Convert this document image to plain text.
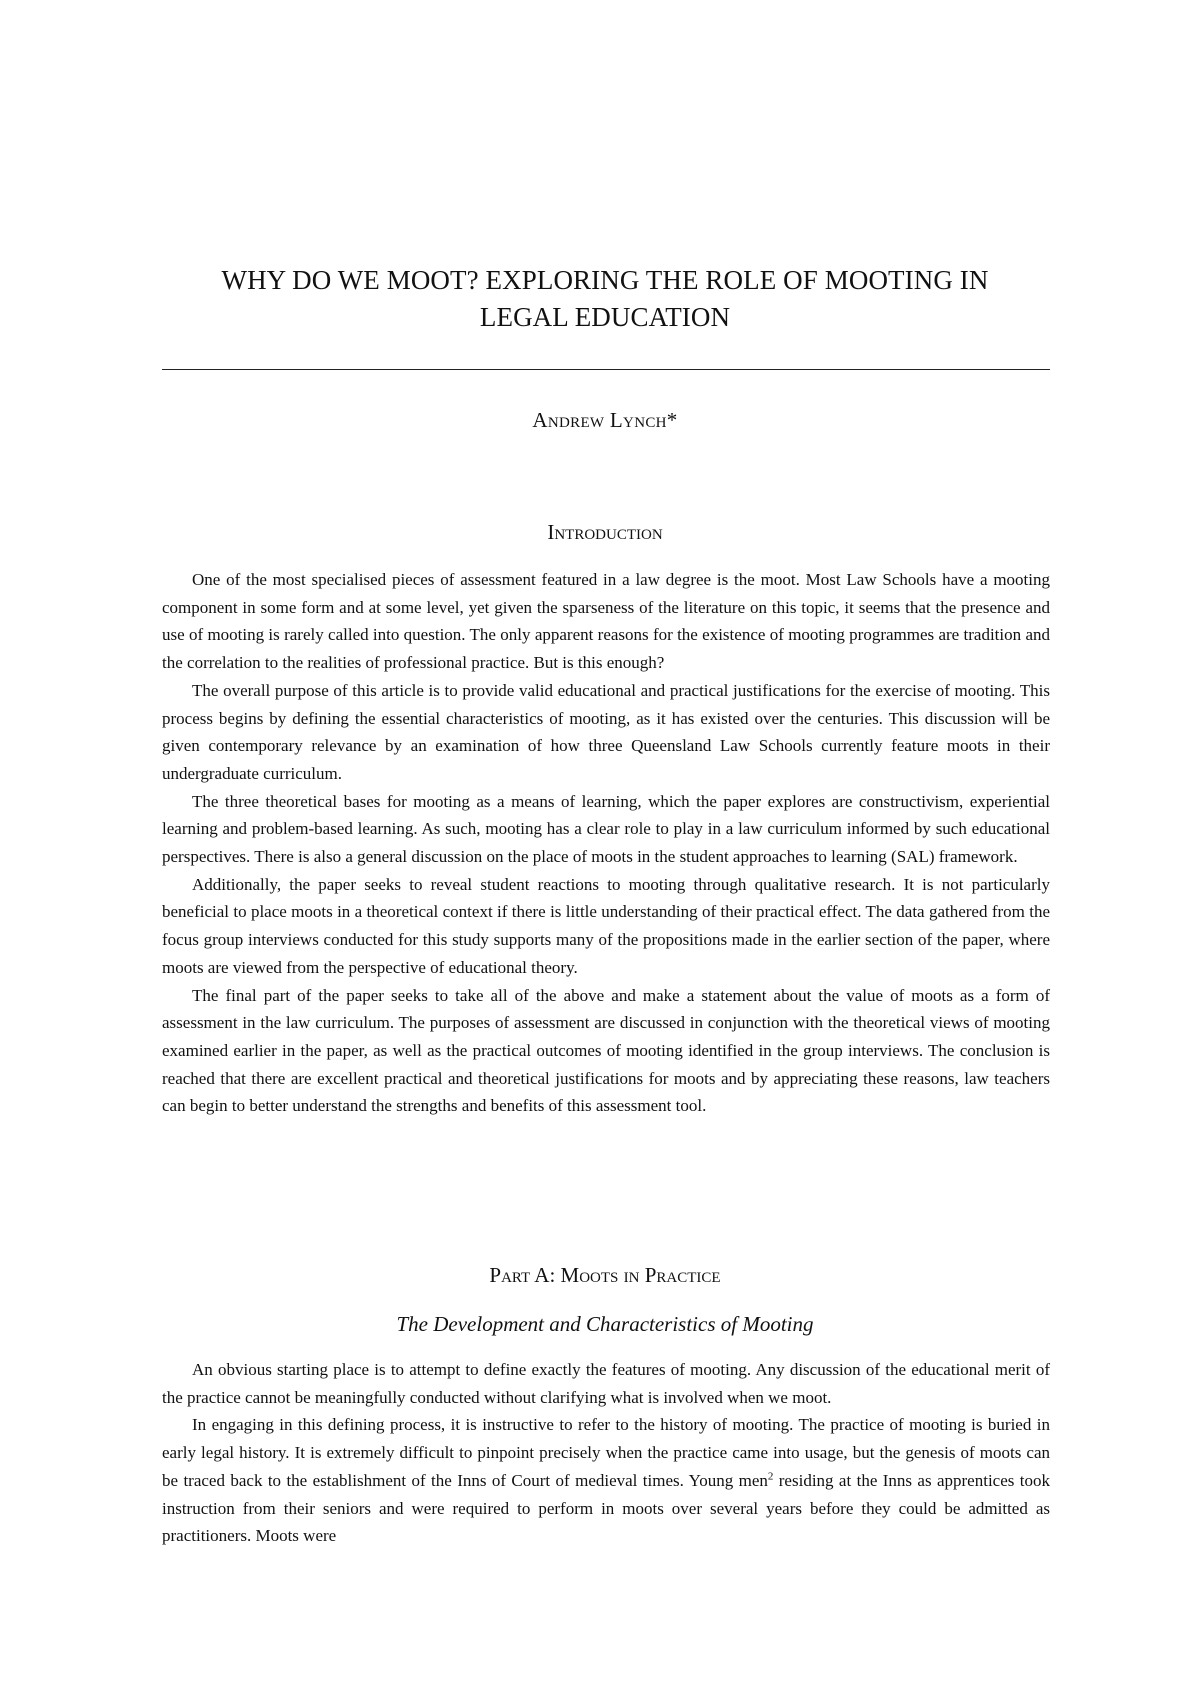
WHY DO WE MOOT? EXPLORING THE ROLE OF MOOTING IN
LEGAL EDUCATION
Andrew Lynch*
Introduction

One of the most specialised pieces of assessment featured in a law degree is the moot. Most Law Schools have a mooting component in some form and at some level, yet given the sparseness of the literature on this topic, it seems that the presence and use of mooting is rarely called into question. The only apparent reasons for the existence of mooting programmes are tradition and the correlation to the realities of professional practice. But is this enough?

The overall purpose of this article is to provide valid educational and practical justifications for the exercise of mooting. This process begins by defining the essential characteristics of mooting, as it has existed over the centuries. This discussion will be given contemporary relevance by an examination of how three Queensland Law Schools currently feature moots in their undergraduate curriculum.

The three theoretical bases for mooting as a means of learning, which the paper explores are constructivism, experiential learning and problem-based learning. As such, mooting has a clear role to play in a law curriculum informed by such educational perspectives. There is also a general discussion on the place of moots in the student approaches to learning (SAL) framework.

Additionally, the paper seeks to reveal student reactions to mooting through qualitative research. It is not particularly beneficial to place moots in a theoretical context if there is little understanding of their practical effect. The data gathered from the focus group interviews conducted for this study supports many of the propositions made in the earlier section of the paper, where moots are viewed from the perspective of educational theory.

The final part of the paper seeks to take all of the above and make a statement about the value of moots as a form of assessment in the law curriculum. The purposes of assessment are discussed in conjunction with the theoretical views of mooting examined earlier in the paper, as well as the practical outcomes of mooting identified in the group interviews. The conclusion is reached that there are excellent practical and theoretical justifications for moots and by appreciating these reasons, law teachers can begin to better understand the strengths and benefits of this assessment tool.

Part A: Moots in Practice
The Development and Characteristics of Mooting

An obvious starting place is to attempt to define exactly the features of mooting. Any discussion of the educational merit of the practice cannot be meaningfully conducted without clarifying what is involved when we moot.

In engaging in this defining process, it is instructive to refer to the history of mooting. The practice of mooting is buried in early legal history. It is extremely difficult to pinpoint precisely when the practice came into usage, but the genesis of moots can be traced back to the establishment of the Inns of Court of medieval times. Young men$^2$ residing at the Inns as apprentices took instruction from their seniors and were required to perform in moots over several years before they could be admitted as practitioners. Moots were
